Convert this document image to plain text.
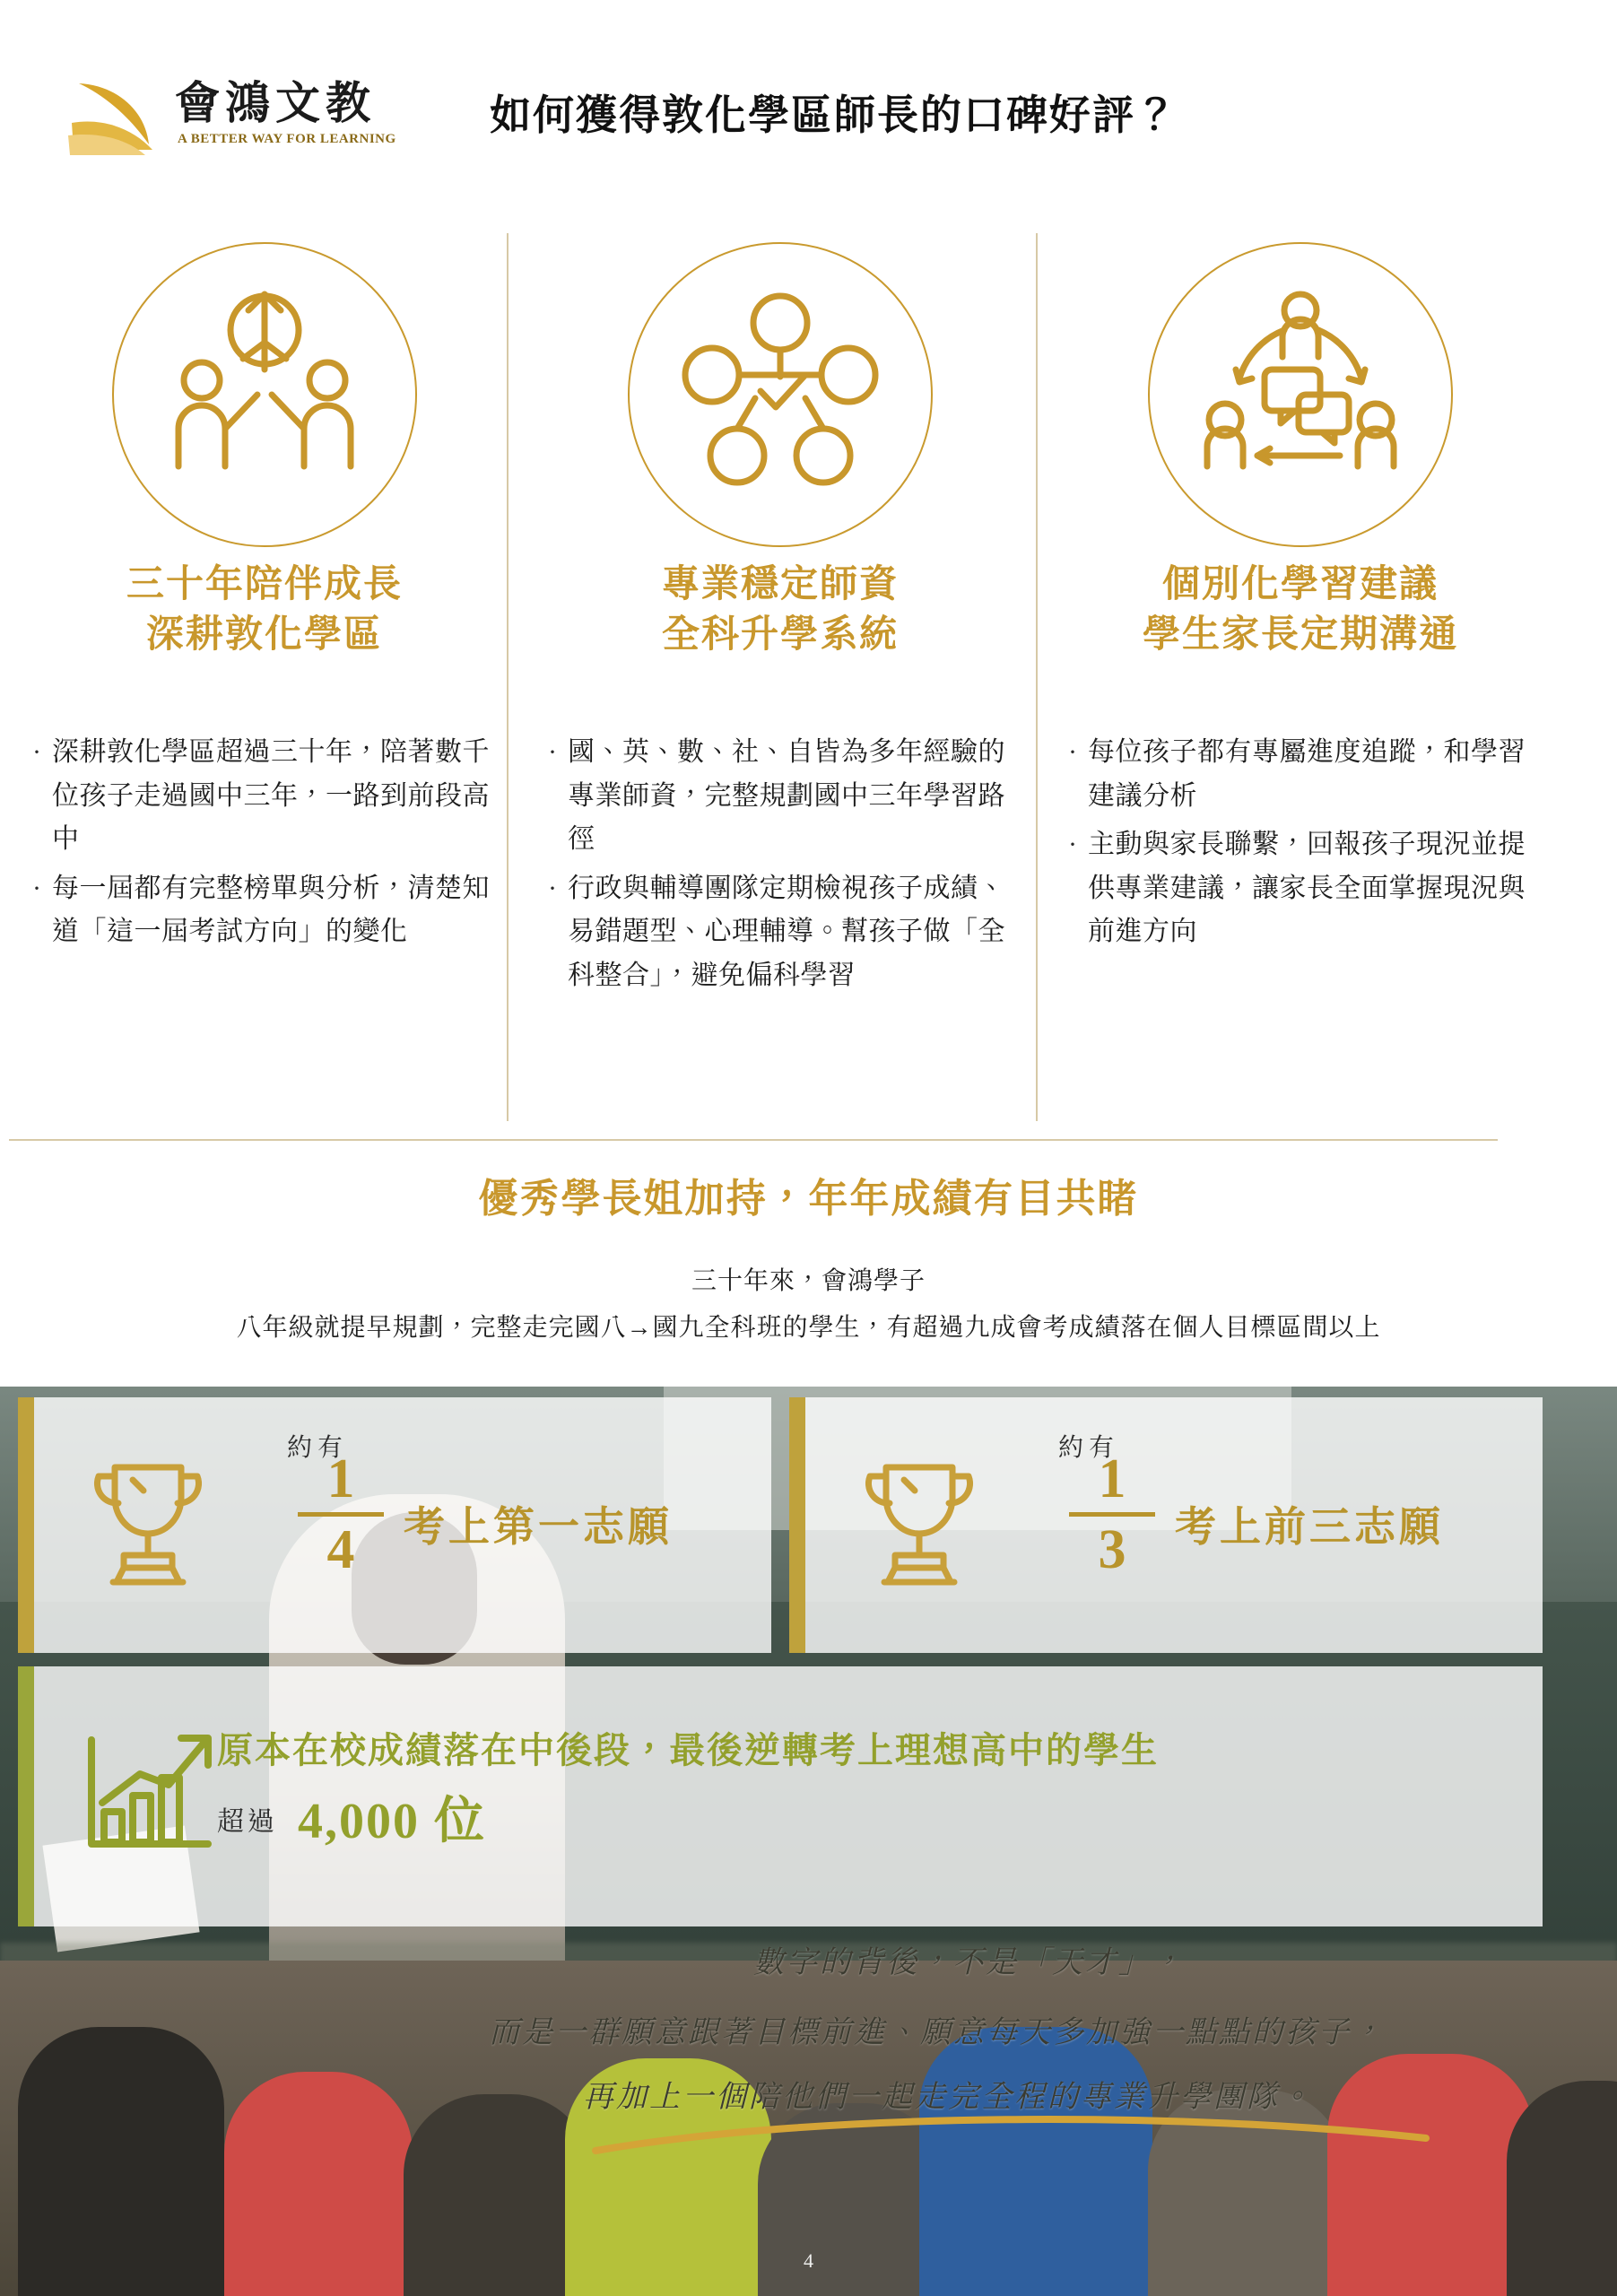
會鴻文教
A BETTER WAY FOR LEARNING
如何獲得敦化學區師長的口碑好評？
三十年陪伴成長
深耕敦化學區
· 深耕敦化學區超過三十年，陪著數千位孩子走過國中三年，一路到前段高中
· 每一屆都有完整榜單與分析，清楚知道「這一屆考試方向」的變化
專業穩定師資
全科升學系統
· 國、英、數、社、自皆為多年經驗的專業師資，完整規劃國中三年學習路徑
· 行政與輔導團隊定期檢視孩子成績、易錯題型、心理輔導。幫孩子做「全科整合」，避免偏科學習
個別化學習建議
學生家長定期溝通
· 每位孩子都有專屬進度追蹤，和學習建議分析
· 主動與家長聯繫，回報孩子現況並提供專業建議，讓家長全面掌握現況與前進方向
優秀學長姐加持，年年成績有目共睹
三十年來，會鴻學子
八年級就提早規劃，完整走完國八→國九全科班的學生，有超過九成會考成績落在個人目標區間以上
4
約有
1
4	考上第一志願
約有
1
3	考上前三志願
原本在校成績落在中後段，最後逆轉考上理想高中的學生
超過 4,000 位
數字的背後，不是「天才」，
而是一群願意跟著目標前進、願意每天多加強一點點的孩子，
再加上一個陪他們一起走完全程的專業升學團隊。
